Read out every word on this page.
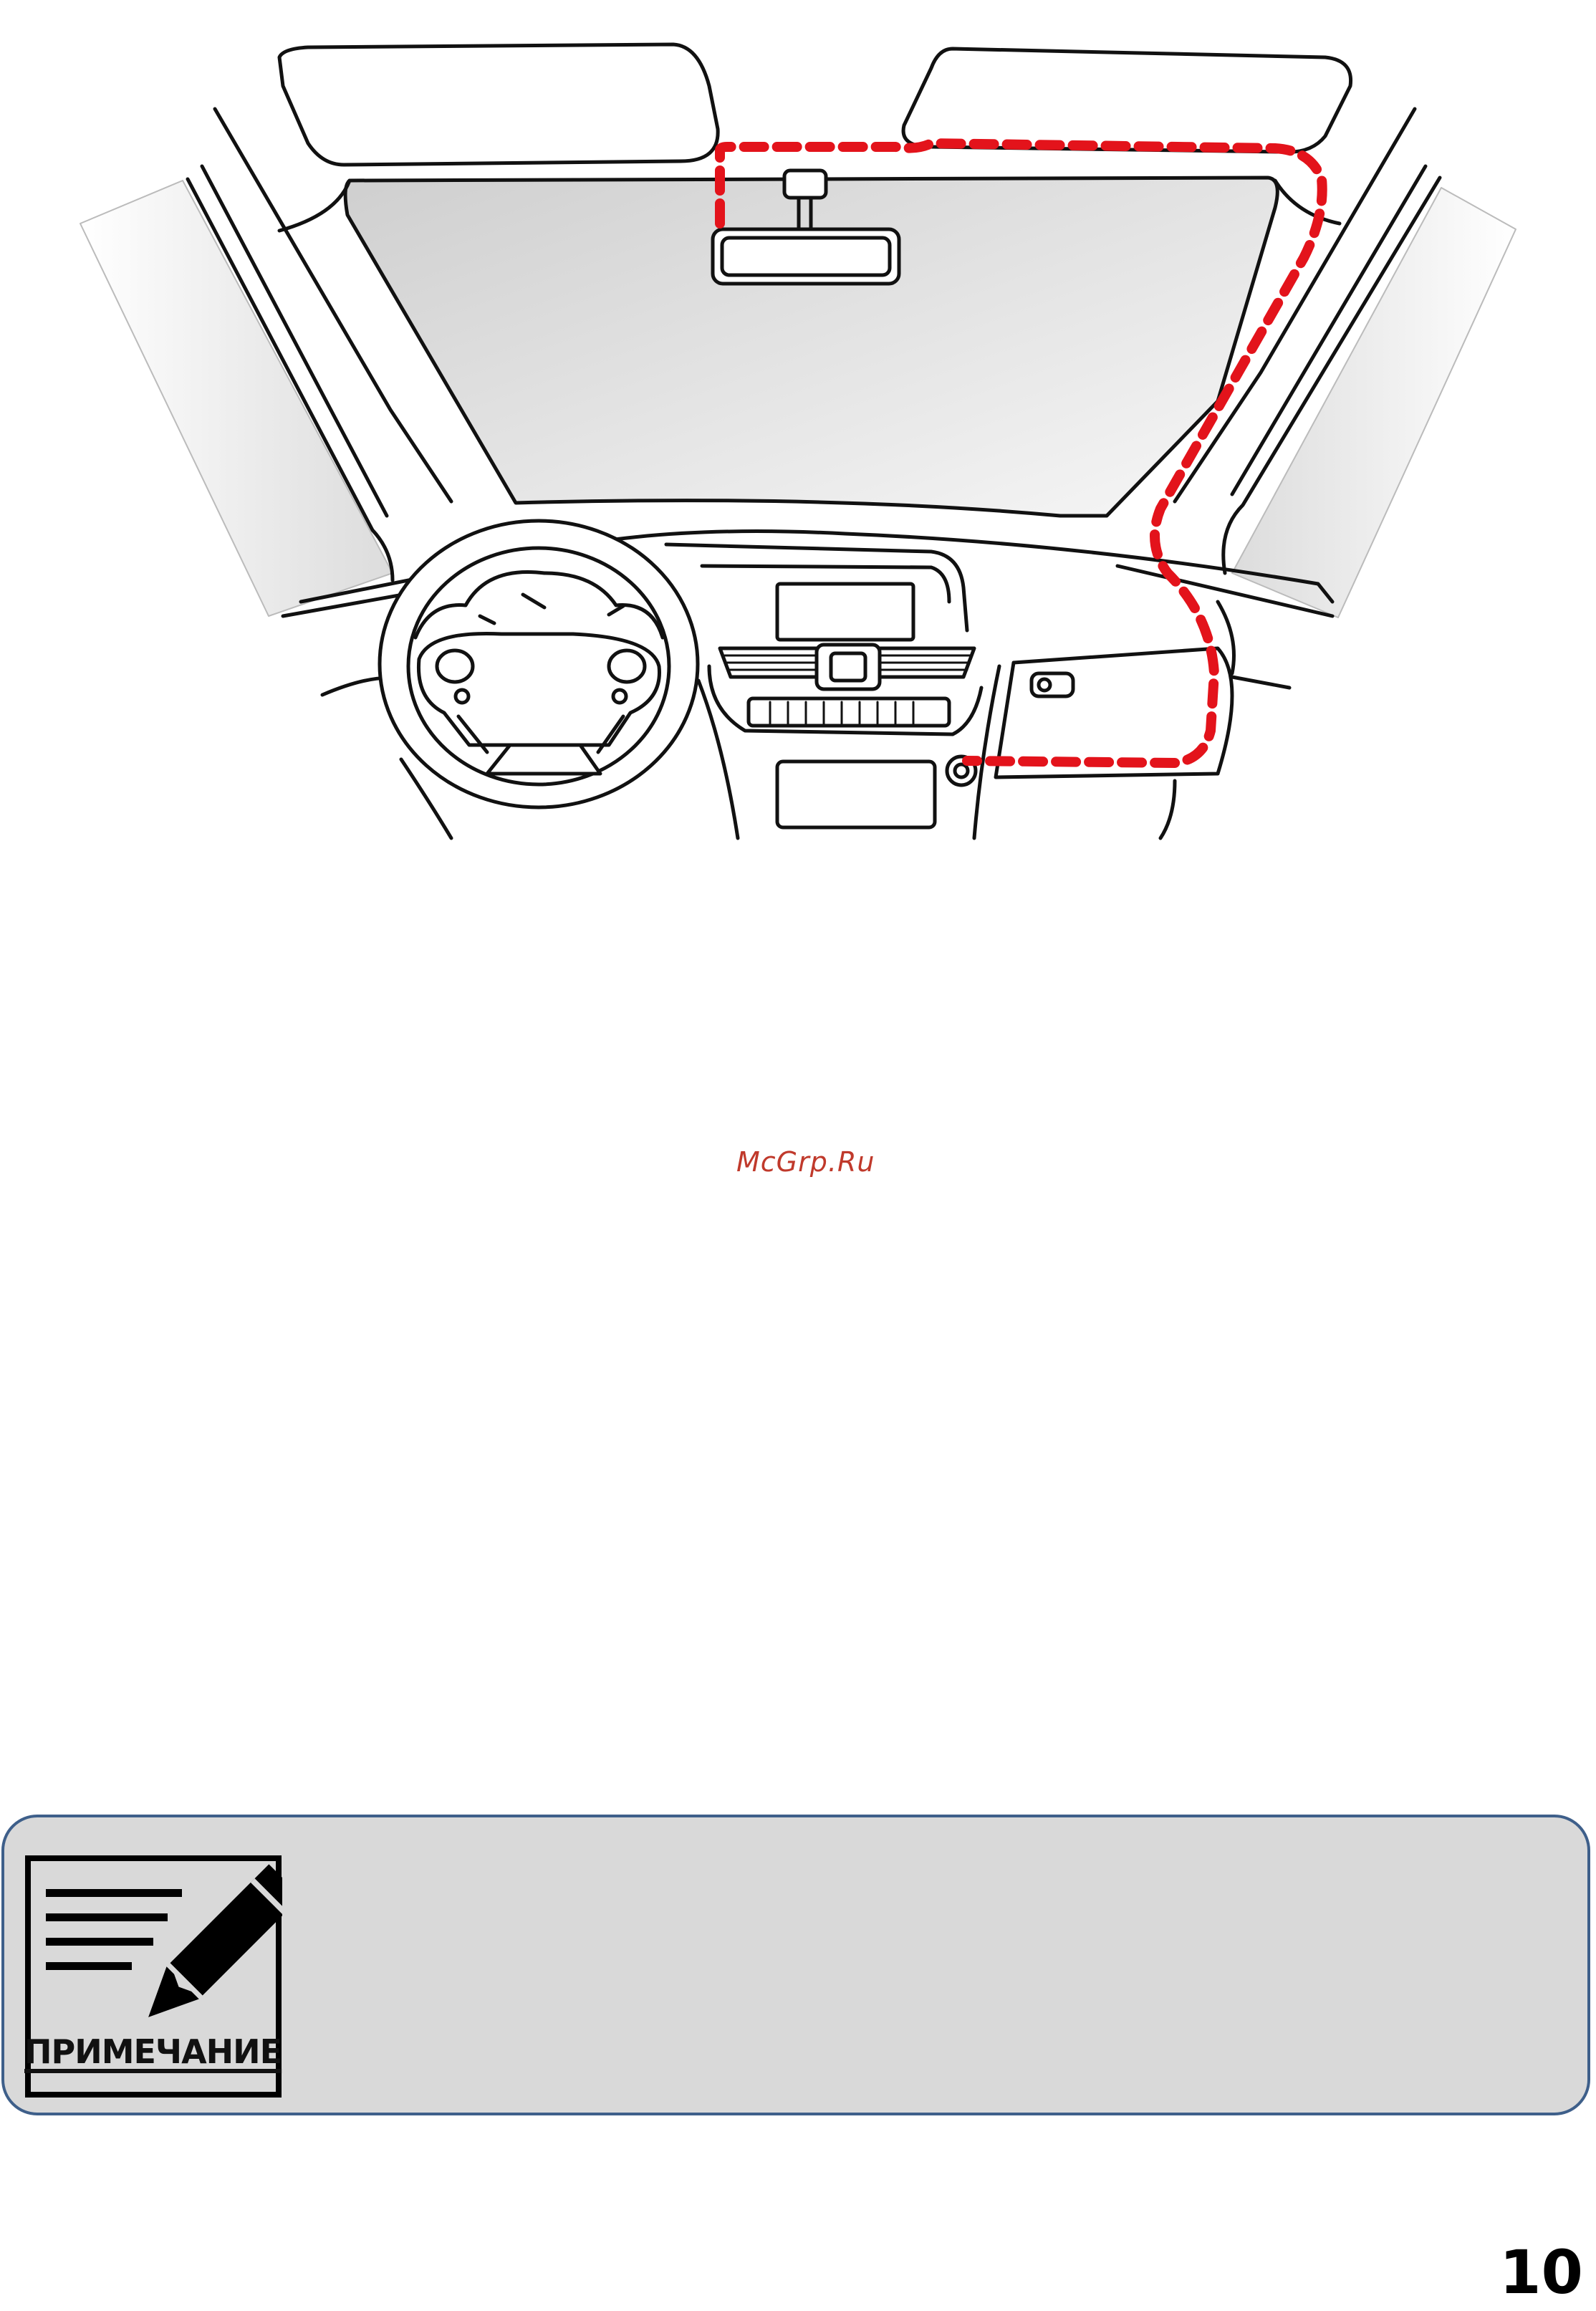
McGrp.Ru
ПРИМЕЧАНИЕ
10
